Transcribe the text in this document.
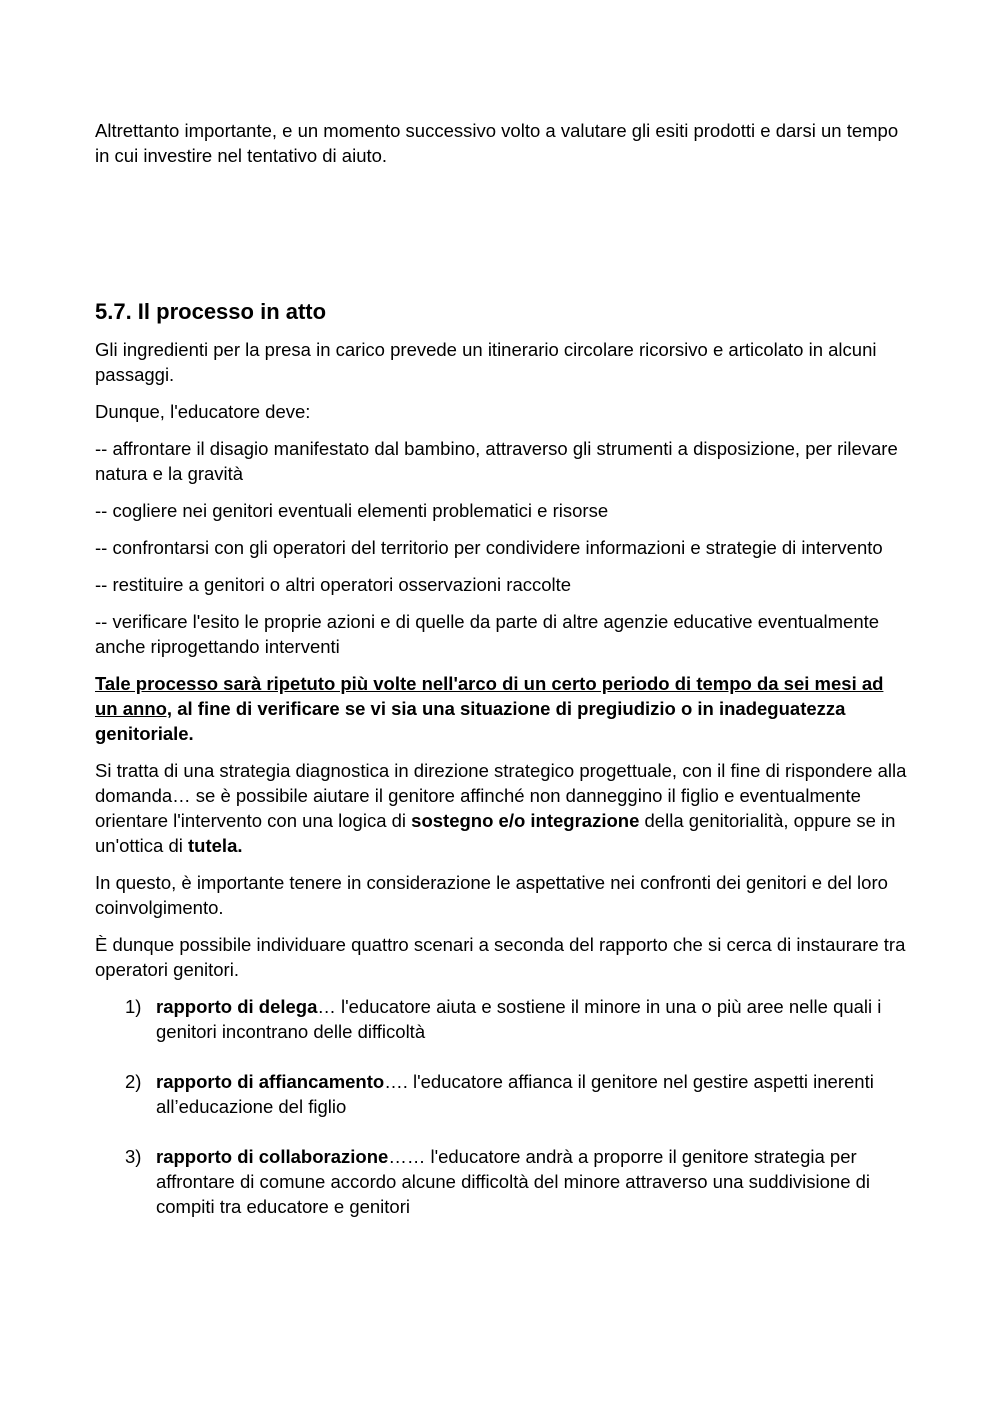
Altrettanto importante, e un momento successivo volto a valutare gli esiti prodotti e darsi un tempo in cui investire nel tentativo di aiuto.

5.7. Il processo in atto

Gli ingredienti per la presa in carico prevede un itinerario circolare ricorsivo e articolato in alcuni passaggi.

Dunque, l'educatore deve:

-- affrontare il disagio manifestato dal bambino, attraverso gli strumenti a disposizione, per rilevare natura e la gravità

-- cogliere nei genitori eventuali elementi problematici e risorse

-- confrontarsi con gli operatori del territorio per condividere informazioni e strategie di intervento

-- restituire a genitori o altri operatori osservazioni raccolte

-- verificare l'esito le proprie azioni e di quelle da parte di altre agenzie educative eventualmente anche riprogettando interventi

Tale processo sarà ripetuto più volte nell'arco di un certo periodo di tempo da sei mesi ad un anno, al fine di verificare se vi sia una situazione di pregiudizio o in inadeguatezza genitoriale.

Si tratta di una strategia diagnostica in direzione strategico progettuale, con il fine di rispondere alla domanda… se è possibile aiutare il genitore affinché non danneggino il figlio e eventualmente orientare l'intervento con una logica di sostegno e/o integrazione della genitorialità, oppure se in un'ottica di tutela.

In questo, è importante tenere in considerazione le aspettative nei confronti dei genitori e del loro coinvolgimento.

È dunque possibile individuare quattro scenari a seconda del rapporto che si cerca di instaurare tra operatori genitori.

1) rapporto di delega… l'educatore aiuta e sostiene il minore in una o più aree nelle quali i genitori incontrano delle difficoltà
2) rapporto di affiancamento…. l'educatore affianca il genitore nel gestire aspetti inerenti all’educazione del figlio
3) rapporto di collaborazione…… l'educatore andrà a proporre il genitore strategia per affrontare di comune accordo alcune difficoltà del minore attraverso una suddivisione di compiti tra educatore e genitori
